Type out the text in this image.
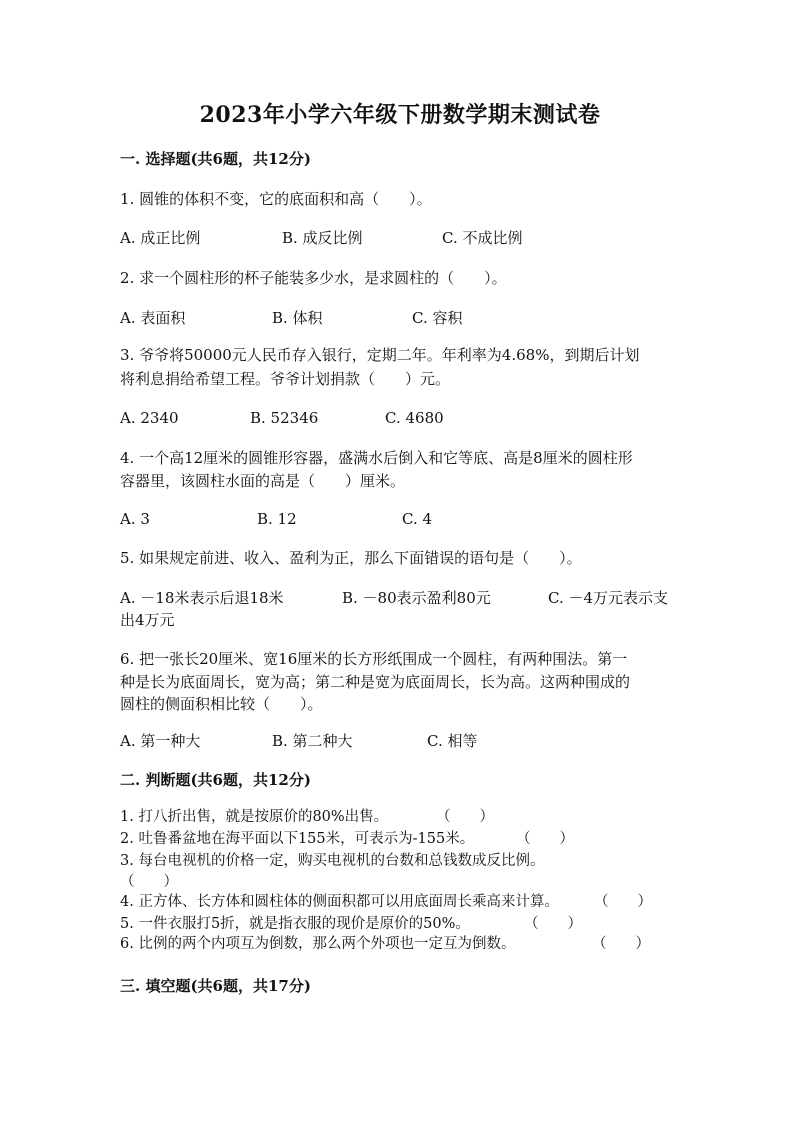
2023年小学六年级下册数学期末测试卷
一. 选择题(共6题，共12分)
1. 圆锥的体积不变，它的底面积和高（　　）。
A. 成正比例	B. 成反比例	C. 不成比例
2. 求一个圆柱形的杯子能装多少水，是求圆柱的（　　）。
A. 表面积	B. 体积	C. 容积
3. 爷爷将50000元人民币存入银行，定期二年。年利率为4.68%，到期后计划
将利息捐给希望工程。爷爷计划捐款（　　）元。
A. 2340	B. 52346	C. 4680
4. 一个高12厘米的圆锥形容器，盛满水后倒入和它等底、高是8厘米的圆柱形
容器里，该圆柱水面的高是（　　）厘米。
A. 3	B. 12	C. 4
5. 如果规定前进、收入、盈利为正，那么下面错误的语句是（　　）。
A. －18米表示后退18米	B. －80表示盈利80元	C. －4万元表示支
出4万元
6. 把一张长20厘米、宽16厘米的长方形纸围成一个圆柱，有两种围法。第一
种是长为底面周长，宽为高；第二种是宽为底面周长，长为高。这两种围成的
圆柱的侧面积相比较（　　）。
A. 第一种大	B. 第二种大	C. 相等
二. 判断题(共6题，共12分)
1. 打八折出售，就是按原价的80%出售。	（　　）
2. 吐鲁番盆地在海平面以下155米，可表示为-155米。	（　　）
3. 每台电视机的价格一定，购买电视机的台数和总钱数成反比例。
（　　）
4. 正方体、长方体和圆柱体的侧面积都可以用底面周长乘高来计算。 （　　）
5. 一件衣服打5折，就是指衣服的现价是原价的50%。	（　　）
6. 比例的两个内项互为倒数，那么两个外项也一定互为倒数。	（　　）
三. 填空题(共6题，共17分)
